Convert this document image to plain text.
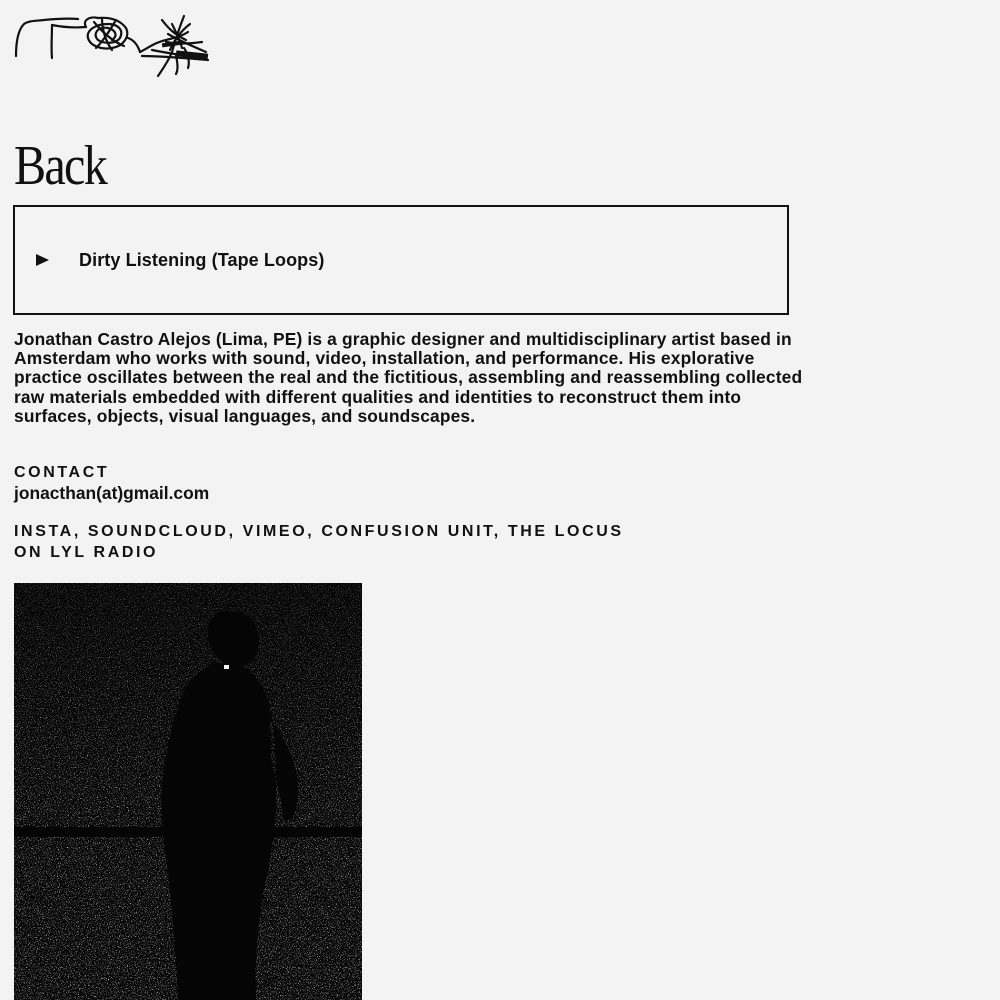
Back
Dirty Listening (Tape Loops)

Jonathan Castro Alejos (Lima, PE) is a graphic designer and multidisciplinary artist based in Amsterdam who works with sound, video, installation, and performance. His explorative practice oscillates between the real and the fictitious, assembling and reassembling collected raw materials embedded with different qualities and identities to reconstruct them into surfaces, objects, visual languages, and soundscapes.

CONTACT
jonacthan(at)gmail.com
INSTA, SOUNDCLOUD, VIMEO, CONFUSION UNIT, THE LOCUS ON LYL RADIO
